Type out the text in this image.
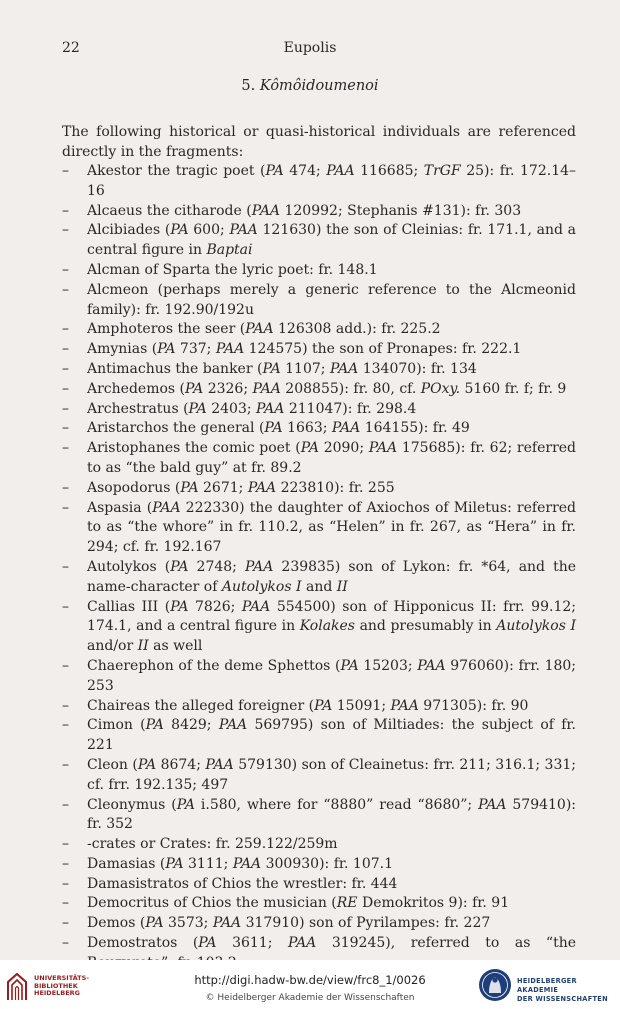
22	Eupolis
5. Kômôidoumenoi
The following historical or quasi-historical individuals are referenced directly in the fragments:
– Akestor the tragic poet (PA 474; PAA 116685; TrGF 25): fr. 172.14–16
– Alcaeus the citharode (PAA 120992; Stephanis #131): fr. 303
– Alcibiades (PA 600; PAA 121630) the son of Cleinias: fr. 171.1, and a central figure in Baptai
– Alcman of Sparta the lyric poet: fr. 148.1
– Alcmeon (perhaps merely a generic reference to the Alcmeonid family): fr. 192.90/192u
– Amphoteros the seer (PAA 126308 add.): fr. 225.2
– Amynias (PA 737; PAA 124575) the son of Pronapes: fr. 222.1
– Antimachus the banker (PA 1107; PAA 134070): fr. 134
– Archedemos (PA 2326; PAA 208855): fr. 80, cf. POxy. 5160 fr. f; fr. 9
– Archestratus (PA 2403; PAA 211047): fr. 298.4
– Aristarchos the general (PA 1663; PAA 164155): fr. 49
– Aristophanes the comic poet (PA 2090; PAA 175685): fr. 62; referred to as “the bald guy” at fr. 89.2
– Asopodorus (PA 2671; PAA 223810): fr. 255
– Aspasia (PAA 222330) the daughter of Axiochos of Miletus: referred to as “the whore” in fr. 110.2, as “Helen” in fr. 267, as “Hera” in fr. 294; cf. fr. 192.167
– Autolykos (PA 2748; PAA 239835) son of Lykon: fr. *64, and the name-character of Autolykos I and II
– Callias III (PA 7826; PAA 554500) son of Hipponicus II: frr. 99.12; 174.1, and a central figure in Kolakes and presumably in Autolykos I and/or II as well
– Chaerephon of the deme Sphettos (PA 15203; PAA 976060): frr. 180; 253
– Chaireas the alleged foreigner (PA 15091; PAA 971305): fr. 90
– Cimon (PA 8429; PAA 569795) son of Miltiades: the subject of fr. 221
– Cleon (PA 8674; PAA 579130) son of Cleainetus: frr. 211; 316.1; 331; cf. frr. 192.135; 497
– Cleonymus (PA i.580, where for “8880” read “8680”; PAA 579410): fr. 352
– -crates or Crates: fr. 259.122/259m
– Damasias (PA 3111; PAA 300930): fr. 107.1
– Damasistratos of Chios the wrestler: fr. 444
– Democritus of Chios the musician (RE Demokritos 9): fr. 91
– Demos (PA 3573; PAA 317910) son of Pyrilampes: fr. 227
– Demostratos (PA 3611; PAA 319245), referred to as “the
UNIVERSITÄTS-
BIBLIOTHEK
HEIDELBERG
http://digi.hadw-bw.de/view/frc8_1/0026
© Heidelberger Akademie der Wissenschaften
HEIDELBERGER AKADEMIE
DER WISSENSCHAFTEN
